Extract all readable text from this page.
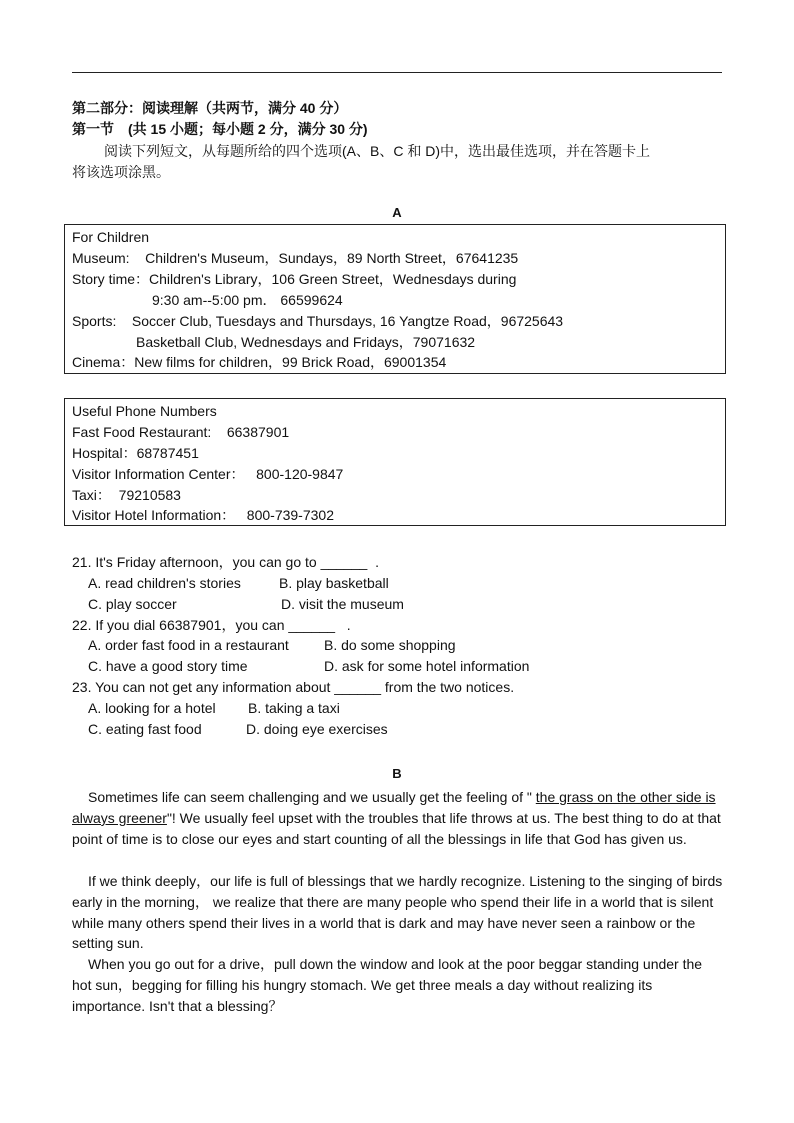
第二部分：阅读理解（共两节，满分 40 分）
第一节　(共 15 小题；每小题 2 分，满分 30 分)
阅读下列短文，从每题所给的四个选项(A、B、C 和 D)中，选出最佳选项，并在答题卡上
将该选项涂黑。
A
For Children
Museum:    Children's Museum，Sundays，89 North Street，67641235
Story time：Children's Library，106 Green Street，Wednesdays during
9:30 am--5:00 pm． 66599624
Sports:    Soccer Club, Tuesdays and Thursdays, 16 Yangtze Road，96725643
Basketball Club, Wednesdays and Fridays，79071632
Cinema：New films for children，99 Brick Road，69001354
Useful Phone Numbers
Fast Food Restaurant:    66387901
Hospital：68787451
Visitor Information Center：   800-120-9847
Taxi：  79210583
Visitor Hotel Information：   800-739-7302
21. It's Friday afternoon，you can go to ______  .
A. read children's stories	B. play basketball
C. play soccer	D. visit the museum
22. If you dial 66387901，you can ______   .
A. order fast food in a restaurant	B. do some shopping
C. have a good story time	D. ask for some hotel information
23. You can not get any information about ______ from the two notices.
A. looking for a hotel B. taking a taxi
C. eating fast food	D. doing eye exercises
B
Sometimes life can seem challenging and we usually get the feeling of " the grass on the other side is always greener"! We usually feel upset with the troubles that life throws at us. The best thing to do at that point of time is to close our eyes and start counting of all the blessings in life that God has given us.
If we think deeply，our life is full of blessings that we hardly recognize. Listening to the singing of birds early in the morning， we realize that there are many people who spend their life in a world that is silent while many others spend their lives in a world that is dark and may have never seen a rainbow or the setting sun.
When you go out for a drive，pull down the window and look at the poor beggar standing under the hot sun，begging for filling his hungry stomach. We get three meals a day without realizing its importance. Isn't that a blessing？
